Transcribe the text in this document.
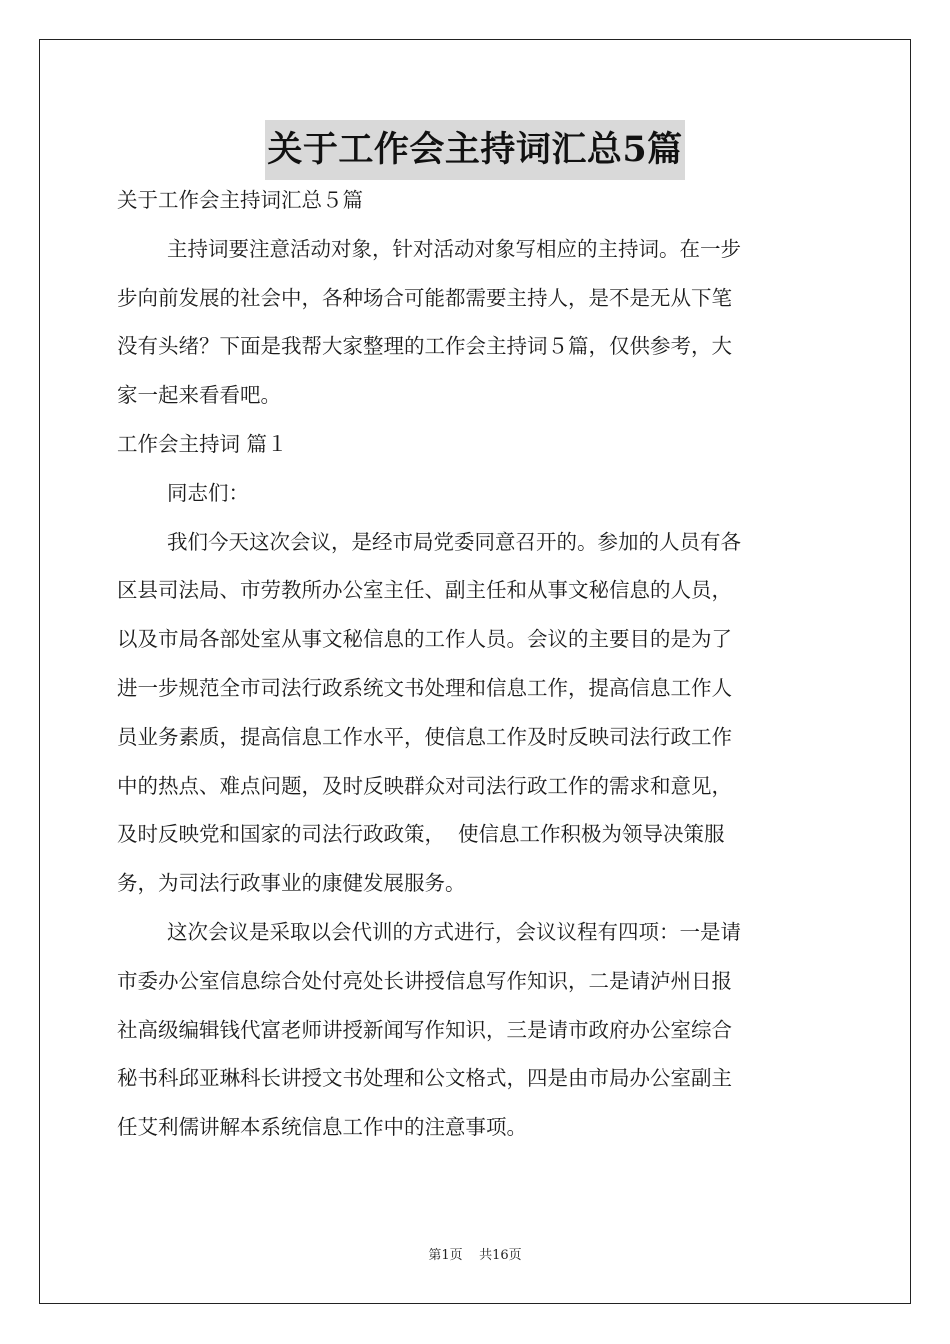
关于工作会主持词汇总5篇
关于工作会主持词汇总５篇
主持词要注意活动对象，针对活动对象写相应的主持词。在一步
步向前发展的社会中，各种场合可能都需要主持人，是不是无从下笔
没有头绪？下面是我帮大家整理的工作会主持词５篇，仅供参考，大
家一起来看看吧。
工作会主持词 篇１
同志们：
我们今天这次会议，是经市局党委同意召开的。参加的人员有各
区县司法局、市劳教所办公室主任、副主任和从事文秘信息的人员，
以及市局各部处室从事文秘信息的工作人员。会议的主要目的是为了
进一步规范全市司法行政系统文书处理和信息工作，提高信息工作人
员业务素质，提高信息工作水平，使信息工作及时反映司法行政工作
中的热点、难点问题，及时反映群众对司法行政工作的需求和意见，
及时反映党和国家的司法行政政策，  使信息工作积极为领导决策服
务，为司法行政事业的康健发展服务。
这次会议是采取以会代训的方式进行，会议议程有四项：一是请
市委办公室信息综合处付亮处长讲授信息写作知识，二是请泸州日报
社高级编辑钱代富老师讲授新闻写作知识，三是请市政府办公室综合
秘书科邱亚琳科长讲授文书处理和公文格式，四是由市局办公室副主
任艾利儒讲解本系统信息工作中的注意事项。
第1页    共16页
